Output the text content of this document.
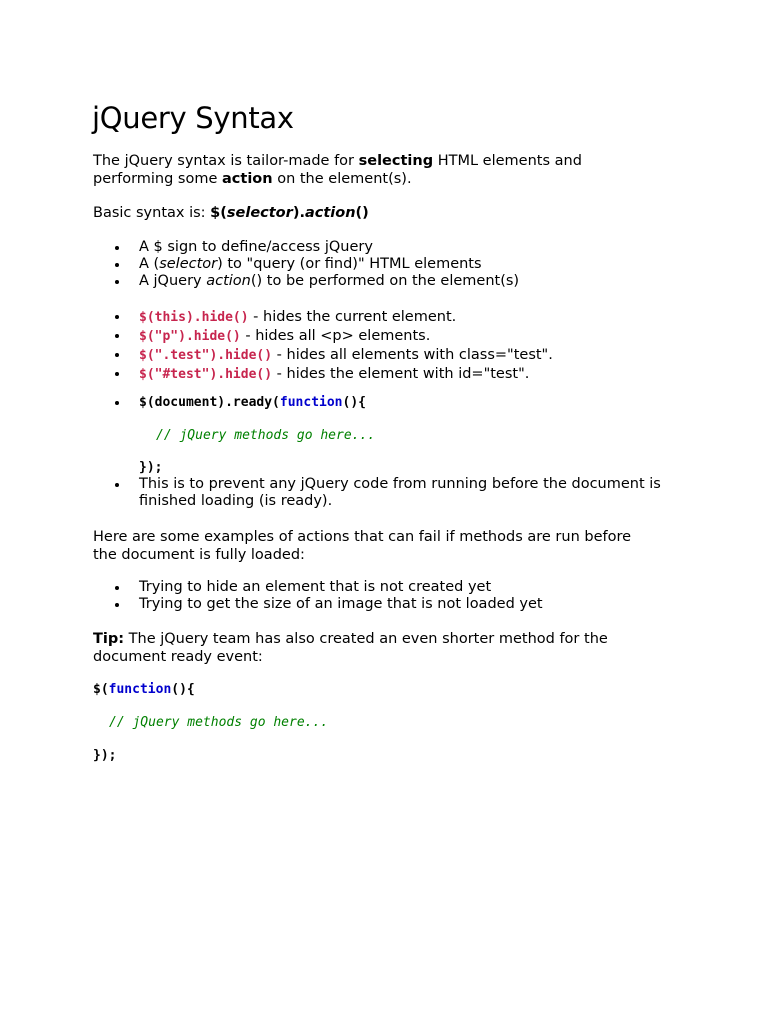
jQuery Syntax

The jQuery syntax is tailor-made for selecting HTML elements and performing some action on the element(s).

Basic syntax is: $(selector).action()

A $ sign to define/access jQuery
A (selector) to "query (or find)" HTML elements
A jQuery action() to be performed on the element(s)
$(this).hide() - hides the current element.
$("p").hide() - hides all <p> elements.
$(".test").hide() - hides all elements with class="test".
$("#test").hide() - hides the element with id="test".
$(document).ready(function(){
// jQuery methods go here...
});
This is to prevent any jQuery code from running before the document is finished loading (is ready).

Here are some examples of actions that can fail if methods are run before the document is fully loaded:

Trying to hide an element that is not created yet
Trying to get the size of an image that is not loaded yet

Tip: The jQuery team has also created an even shorter method for the document ready event:

$(function(){
// jQuery methods go here...
});
